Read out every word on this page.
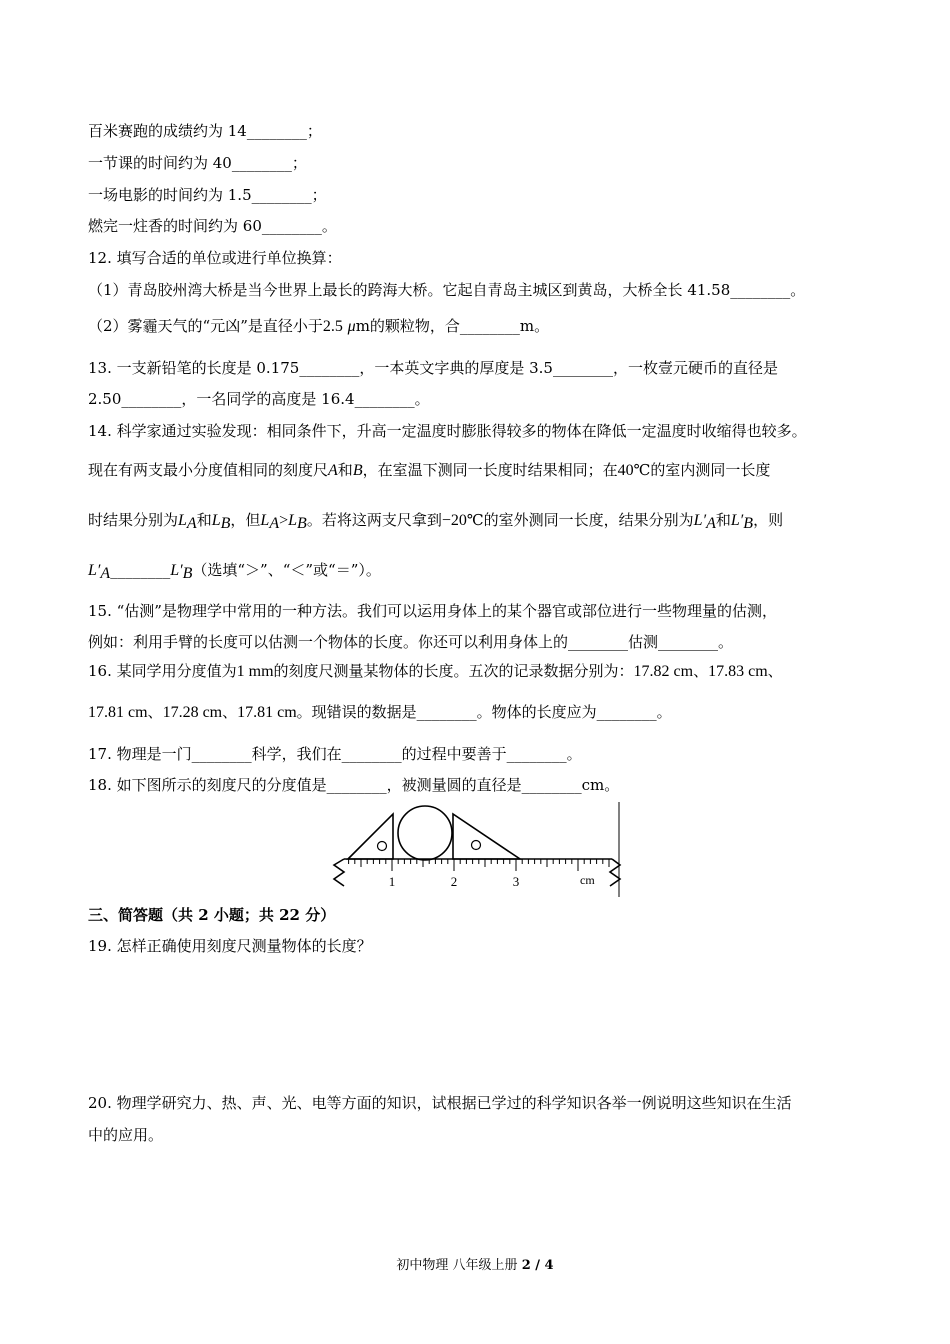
百米赛跑的成绩约为 14________；
一节课的时间约为 40________；
一场电影的时间约为 1.5________；
燃完一炷香的时间约为 60________。
12. 填写合适的单位或进行单位换算：
（1）青岛胶州湾大桥是当今世界上最长的跨海大桥。它起自青岛主城区到黄岛，大桥全长 41.58________。
（2）雾霾天气的“元凶”是直径小于2.5 μm的颗粒物，合________m。
13. 一支新铅笔的长度是 0.175________，一本英文字典的厚度是 3.5________，一枚壹元硬币的直径是
2.50________，一名同学的高度是 16.4________。
14. 科学家通过实验发现：相同条件下，升高一定温度时膨胀得较多的物体在降低一定温度时收缩得也较多。
现在有两支最小分度值相同的刻度尺A和B，在室温下测同一长度时结果相同；在40℃的室内测同一长度
时结果分别为$L_A$和$L_B$，但$L_A>L_B$。若将这两支尺拿到−20℃的室外测同一长度，结果分别为$L'_A$和$L'_B$，则
$L'_A\_\_\_\_\_\_\_\_L'_B$（选填“＞”、“＜”或“＝”）。
15. “估测”是物理学中常用的一种方法。我们可以运用身体上的某个器官或部位进行一些物理量的估测，
例如：利用手臂的长度可以估测一个物体的长度。你还可以利用身体上的________估测________。
16. 某同学用分度值为1 mm的刻度尺测量某物体的长度。五次的记录数据分别为：17.82 cm、17.83 cm、
17.81 cm、17.28 cm、17.81 cm。现错误的数据是________。物体的长度应为________。
17. 物理是一门________科学，我们在________的过程中要善于________。
18. 如下图所示的刻度尺的分度值是________，被测量圆的直径是________cm。
1	2	3	cm
三、简答题（共 2 小题；共 22 分）
19. 怎样正确使用刻度尺测量物体的长度？
20. 物理学研究力、热、声、光、电等方面的知识，试根据已学过的科学知识各举一例说明这些知识在生活
中的应用。
初中物理 八年级上册 2 / 4
